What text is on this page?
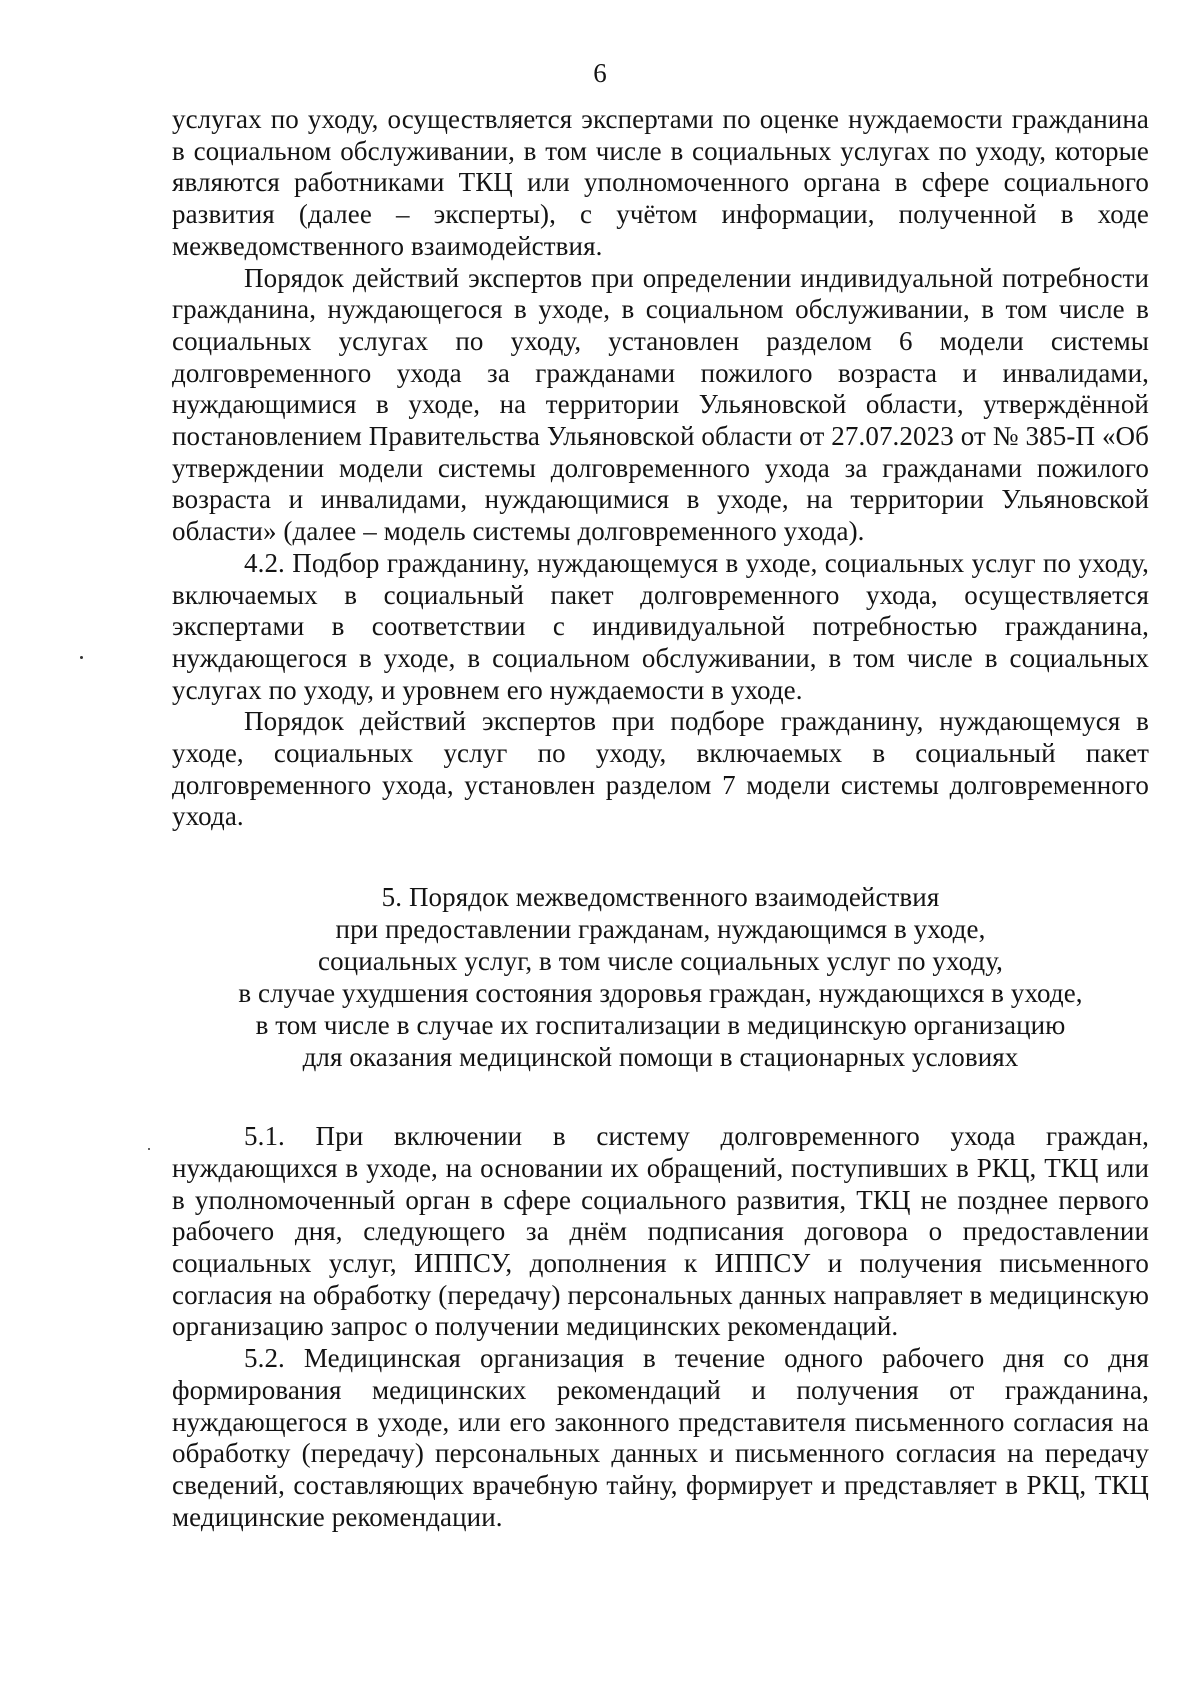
6

услугах по уходу, осуществляется экспертами по оценке нуждаемости гражданина в социальном обслуживании, в том числе в социальных услугах по уходу, которые являются работниками ТКЦ или уполномоченного органа в сфере социального развития (далее – эксперты), с учётом информации, полученной в ходе межведомственного взаимодействия.

Порядок действий экспертов при определении индивидуальной потребности гражданина, нуждающегося в уходе, в социальном обслуживании, в том числе в социальных услугах по уходу, установлен разделом 6 модели системы долговременного ухода за гражданами пожилого возраста и инвалидами, нуждающимися в уходе, на территории Ульяновской области, утверждённой постановлением Правительства Ульяновской области от 27.07.2023 от № 385-П «Об утверждении модели системы долговременного ухода за гражданами пожилого возраста и инвалидами, нуждающимися в уходе, на территории Ульяновской области» (далее – модель системы долговременного ухода).

4.2. Подбор гражданину, нуждающемуся в уходе, социальных услуг по уходу, включаемых в социальный пакет долговременного ухода, осуществляется экспертами в соответствии с индивидуальной потребностью гражданина, нуждающегося в уходе, в социальном обслуживании, в том числе в социальных услугах по уходу, и уровнем его нуждаемости в уходе.

Порядок действий экспертов при подборе гражданину, нуждающемуся в уходе, социальных услуг по уходу, включаемых в социальный пакет долговременного ухода, установлен разделом 7 модели системы долговременного ухода.

5. Порядок межведомственного взаимодействия
при предоставлении гражданам, нуждающимся в уходе,
социальных услуг, в том числе социальных услуг по уходу,
в случае ухудшения состояния здоровья граждан, нуждающихся в уходе,
в том числе в случае их госпитализации в медицинскую организацию
для оказания медицинской помощи в стационарных условиях

5.1. При включении в систему долговременного ухода граждан, нуждающихся в уходе, на основании их обращений, поступивших в РКЦ, ТКЦ или в уполномоченный орган в сфере социального развития, ТКЦ не позднее первого рабочего дня, следующего за днём подписания договора о предоставлении социальных услуг, ИППСУ, дополнения к ИППСУ и получения письменного согласия на обработку (передачу) персональных данных направляет в медицинскую организацию запрос о получении медицинских рекомендаций.

5.2. Медицинская организация в течение одного рабочего дня со дня формирования медицинских рекомендаций и получения от гражданина, нуждающегося в уходе, или его законного представителя письменного согласия на обработку (передачу) персональных данных и письменного согласия на передачу сведений, составляющих врачебную тайну, формирует и представляет в РКЦ, ТКЦ медицинские рекомендации.
